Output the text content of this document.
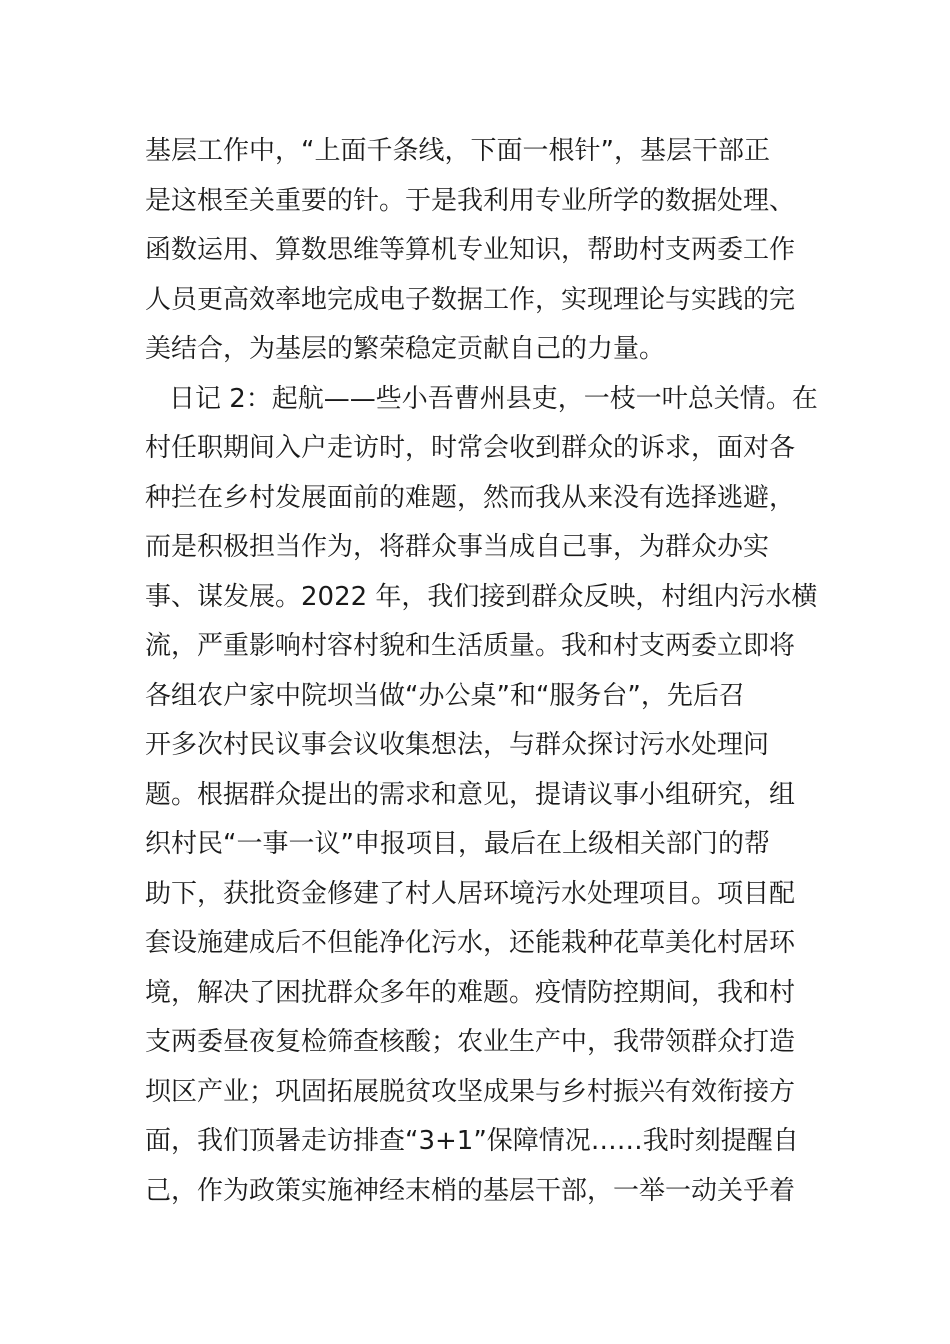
基层工作中，“上面千条线，下面一根针”，基层干部正
是这根至关重要的针。于是我利用专业所学的数据处理、
函数运用、算数思维等算机专业知识，帮助村支两委工作
人员更高效率地完成电子数据工作，实现理论与实践的完
美结合，为基层的繁荣稳定贡献自己的力量。
日记 2：起航——些小吾曹州县吏，一枝一叶总关情。在
村任职期间入户走访时，时常会收到群众的诉求，面对各
种拦在乡村发展面前的难题，然而我从来没有选择逃避，
而是积极担当作为，将群众事当成自己事，为群众办实
事、谋发展。2022 年，我们接到群众反映，村组内污水横
流，严重影响村容村貌和生活质量。我和村支两委立即将
各组农户家中院坝当做“办公桌”和“服务台”，先后召
开多次村民议事会议收集想法，与群众探讨污水处理问
题。根据群众提出的需求和意见，提请议事小组研究，组
织村民“一事一议”申报项目，最后在上级相关部门的帮
助下，获批资金修建了村人居环境污水处理项目。项目配
套设施建成后不但能净化污水，还能栽种花草美化村居环
境，解决了困扰群众多年的难题。疫情防控期间，我和村
支两委昼夜复检筛查核酸；农业生产中，我带领群众打造
坝区产业；巩固拓展脱贫攻坚成果与乡村振兴有效衔接方
面，我们顶暑走访排查“3+1”保障情况……我时刻提醒自
己，作为政策实施神经末梢的基层干部，一举一动关乎着
